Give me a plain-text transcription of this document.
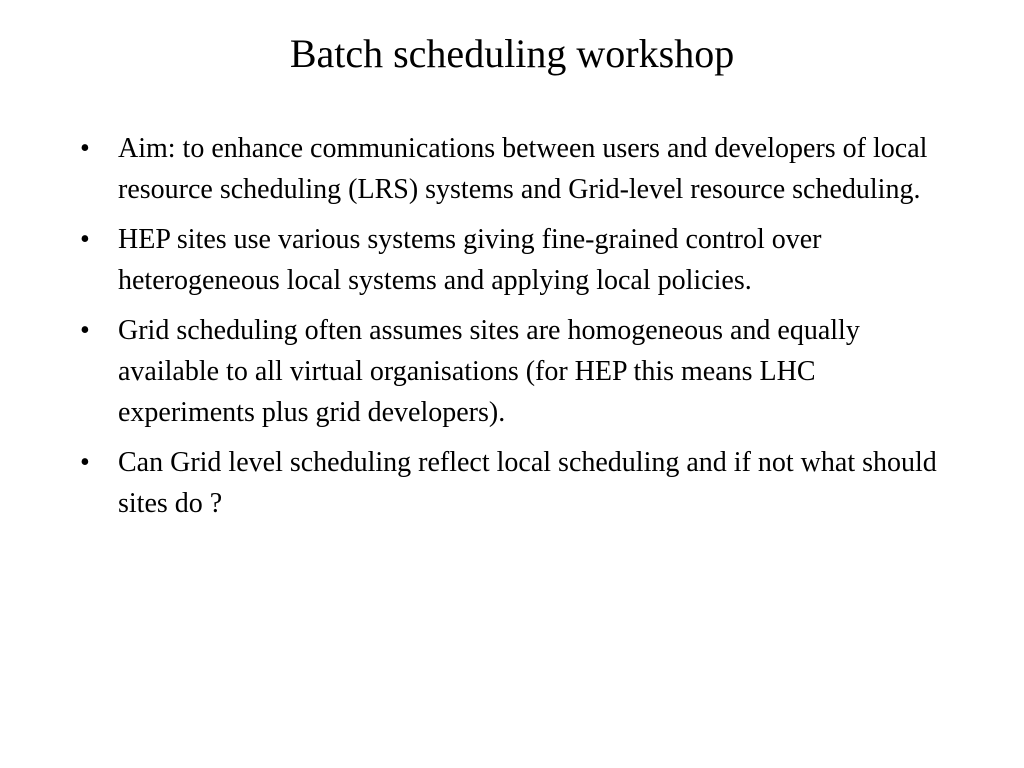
Batch scheduling workshop
•	Aim: to enhance communications between users and developers of local resource scheduling (LRS) systems and Grid-level resource scheduling.
•	HEP sites use various systems giving fine-grained control over heterogeneous local systems and applying local policies.
•	Grid scheduling often assumes sites are homogeneous and equally available to all virtual organisations (for HEP this means LHC experiments plus grid developers).
•	Can Grid level scheduling reflect local scheduling and if not what should sites do ?
